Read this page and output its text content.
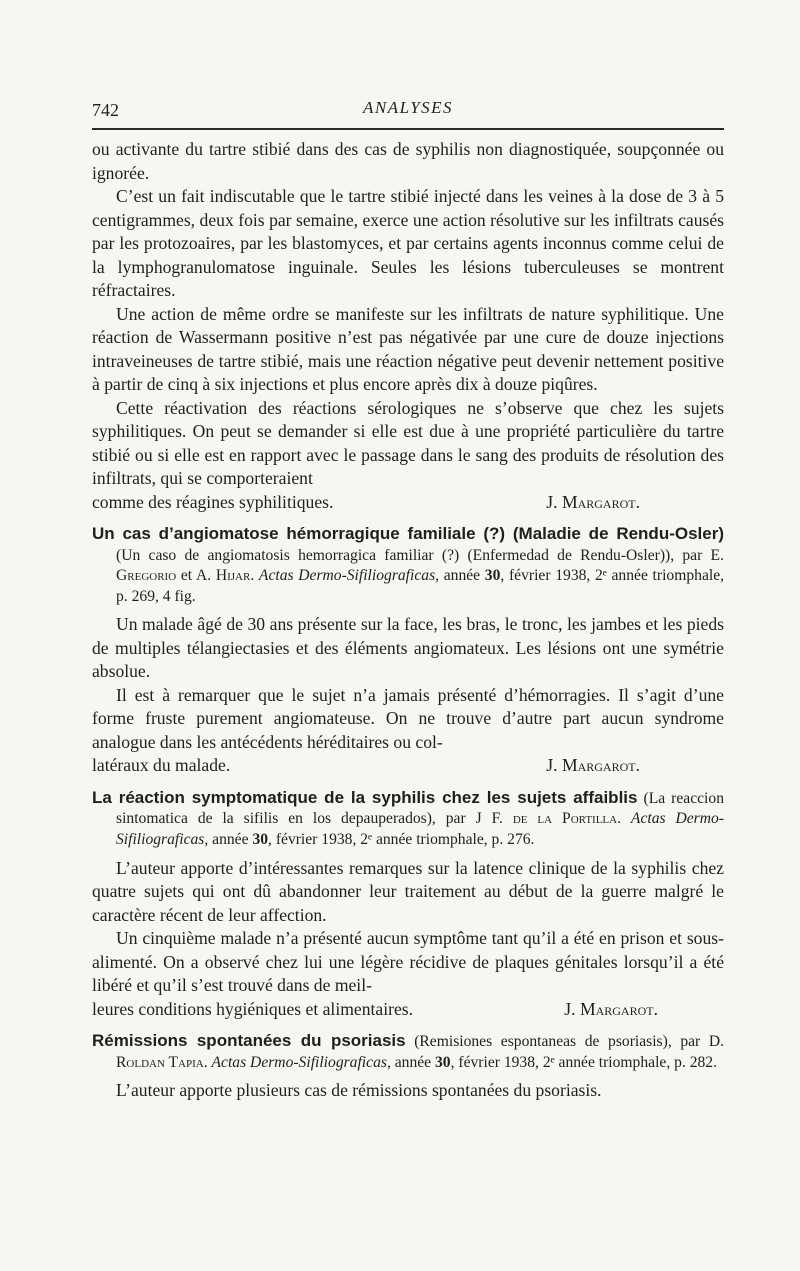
742	ANALYSES

ou activante du tartre stibié dans des cas de syphilis non diagnostiquée, soupçonnée ou ignorée.

C’est un fait indiscutable que le tartre stibié injecté dans les veines à la dose de 3 à 5 centigrammes, deux fois par semaine, exerce une action résolutive sur les infiltrats causés par les protozoaires, par les blastomyces, et par certains agents inconnus comme celui de la lymphogranulomatose inguinale. Seules les lésions tuberculeuses se montrent réfractaires.

Une action de même ordre se manifeste sur les infiltrats de nature syphilitique. Une réaction de Wassermann positive n’est pas négativée par une cure de douze injections intraveineuses de tartre stibié, mais une réaction négative peut devenir nettement positive à partir de cinq à six injections et plus encore après dix à douze piqûres.

Cette réactivation des réactions sérologiques ne s’observe que chez les sujets syphilitiques. On peut se demander si elle est due à une propriété particulière du tartre stibié ou si elle est en rapport avec le passage dans le sang des produits de résolution des infiltrats, qui se comporteraient

comme des réagines syphilitiques.	J. Margarot.

Un cas d’angiomatose hémorragique familiale (?) (Maladie de Rendu-Osler) (Un caso de angiomatosis hemorragica familiar (?) (Enfermedad de Rendu-Osler)), par E. Gregorio et A. Hijar. Actas Dermo-Sifiliograficas, année 30, février 1938, 2ᵉ année triomphale, p. 269, 4 fig.

Un malade âgé de 30 ans présente sur la face, les bras, le tronc, les jambes et les pieds de multiples télangiectasies et des éléments angiomateux. Les lésions ont une symétrie absolue.

Il est à remarquer que le sujet n’a jamais présenté d’hémorragies. Il s’agit d’une forme fruste purement angiomateuse. On ne trouve d’autre part aucun syndrome analogue dans les antécédents héréditaires ou col-

latéraux du malade.	J. Margarot.

La réaction symptomatique de la syphilis chez les sujets affaiblis (La reaccion sintomatica de la sifilis en los depauperados), par J F. de la Portilla. Actas Dermo-Sifiliograficas, année 30, février 1938, 2ᵉ année triomphale, p. 276.

L’auteur apporte d’intéressantes remarques sur la latence clinique de la syphilis chez quatre sujets qui ont dû abandonner leur traitement au début de la guerre malgré le caractère récent de leur affection.

Un cinquième malade n’a présenté aucun symptôme tant qu’il a été en prison et sous-alimenté. On a observé chez lui une légère récidive de plaques génitales lorsqu’il a été libéré et qu’il s’est trouvé dans de meil-

leures conditions hygiéniques et alimentaires.	J. Margarot.

Rémissions spontanées du psoriasis (Remisiones espontaneas de psoriasis), par D. Roldan Tapia. Actas Dermo-Sifiliograficas, année 30, février 1938, 2ᵉ année triomphale, p. 282.

L’auteur apporte plusieurs cas de rémissions spontanées du psoriasis.
